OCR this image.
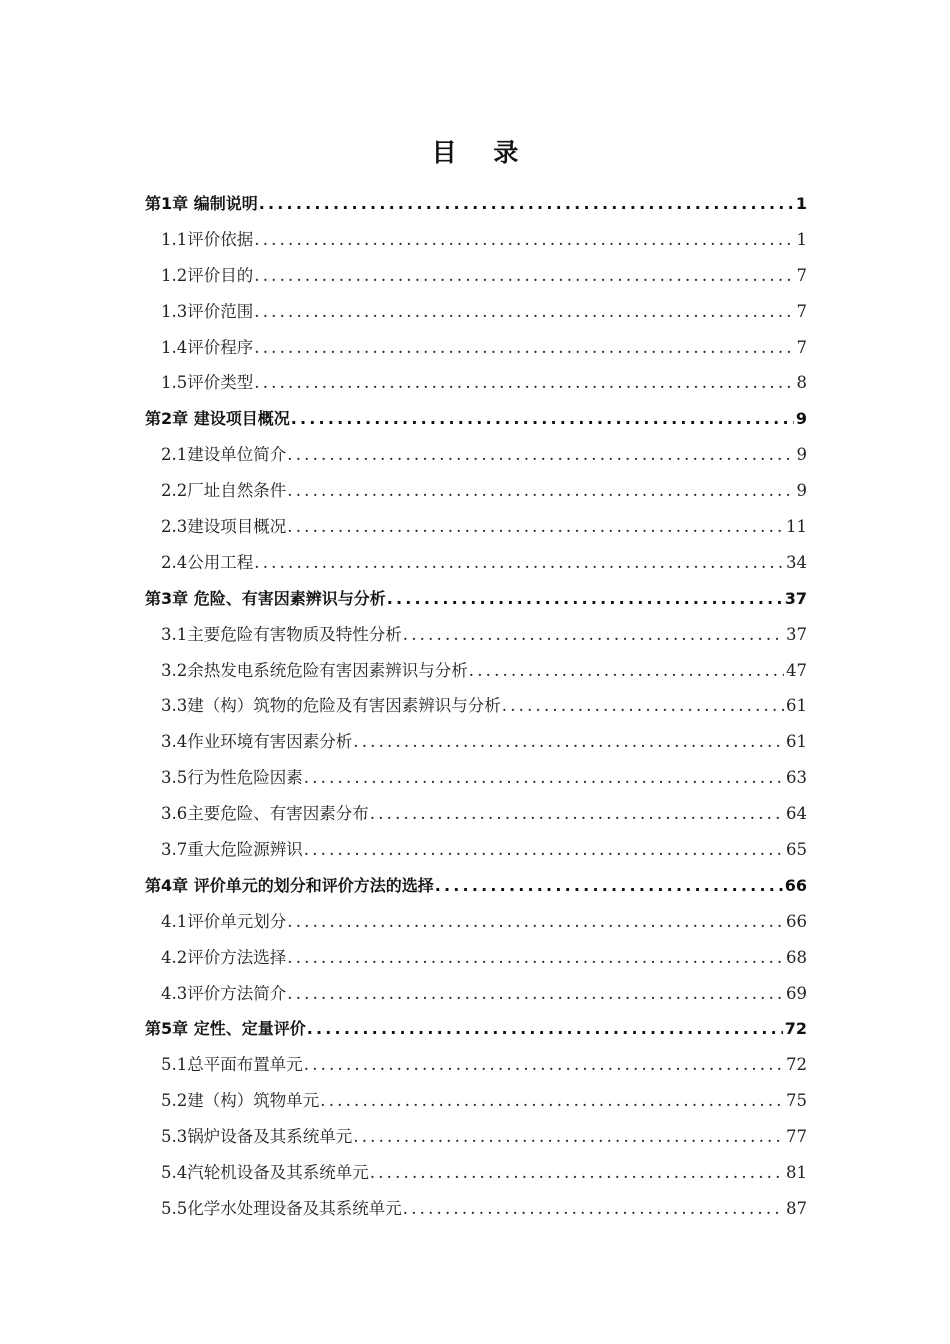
目 录
第1章 编制说明 .....	1
1.1评价依据 .....	1
1.2评价目的 .....	7
1.3评价范围 .....	7
1.4评价程序 .....	7
1.5评价类型 .....	8
第2章 建设项目概况 .....	9
2.1建设单位简介 .....	9
2.2厂址自然条件 .....	9
2.3建设项目概况 .....	11
2.4公用工程 .....	34
第3章 危险、有害因素辨识与分析 .....	37
3.1主要危险有害物质及特性分析 .....	37
3.2余热发电系统危险有害因素辨识与分析 .....	47
3.3建（构）筑物的危险及有害因素辨识与分析 .....	61
3.4作业环境有害因素分析 .....	61
3.5行为性危险因素 .....	63
3.6主要危险、有害因素分布 .....	64
3.7重大危险源辨识 .....	65
第4章 评价单元的划分和评价方法的选择 .....	66
4.1评价单元划分 .....	66
4.2评价方法选择 .....	68
4.3评价方法简介 .....	69
第5章 定性、定量评价 .....	72
5.1总平面布置单元 .....	72
5.2建（构）筑物单元 .....	75
5.3锅炉设备及其系统单元 .....	77
5.4汽轮机设备及其系统单元 .....	81
5.5化学水处理设备及其系统单元 .....	87
